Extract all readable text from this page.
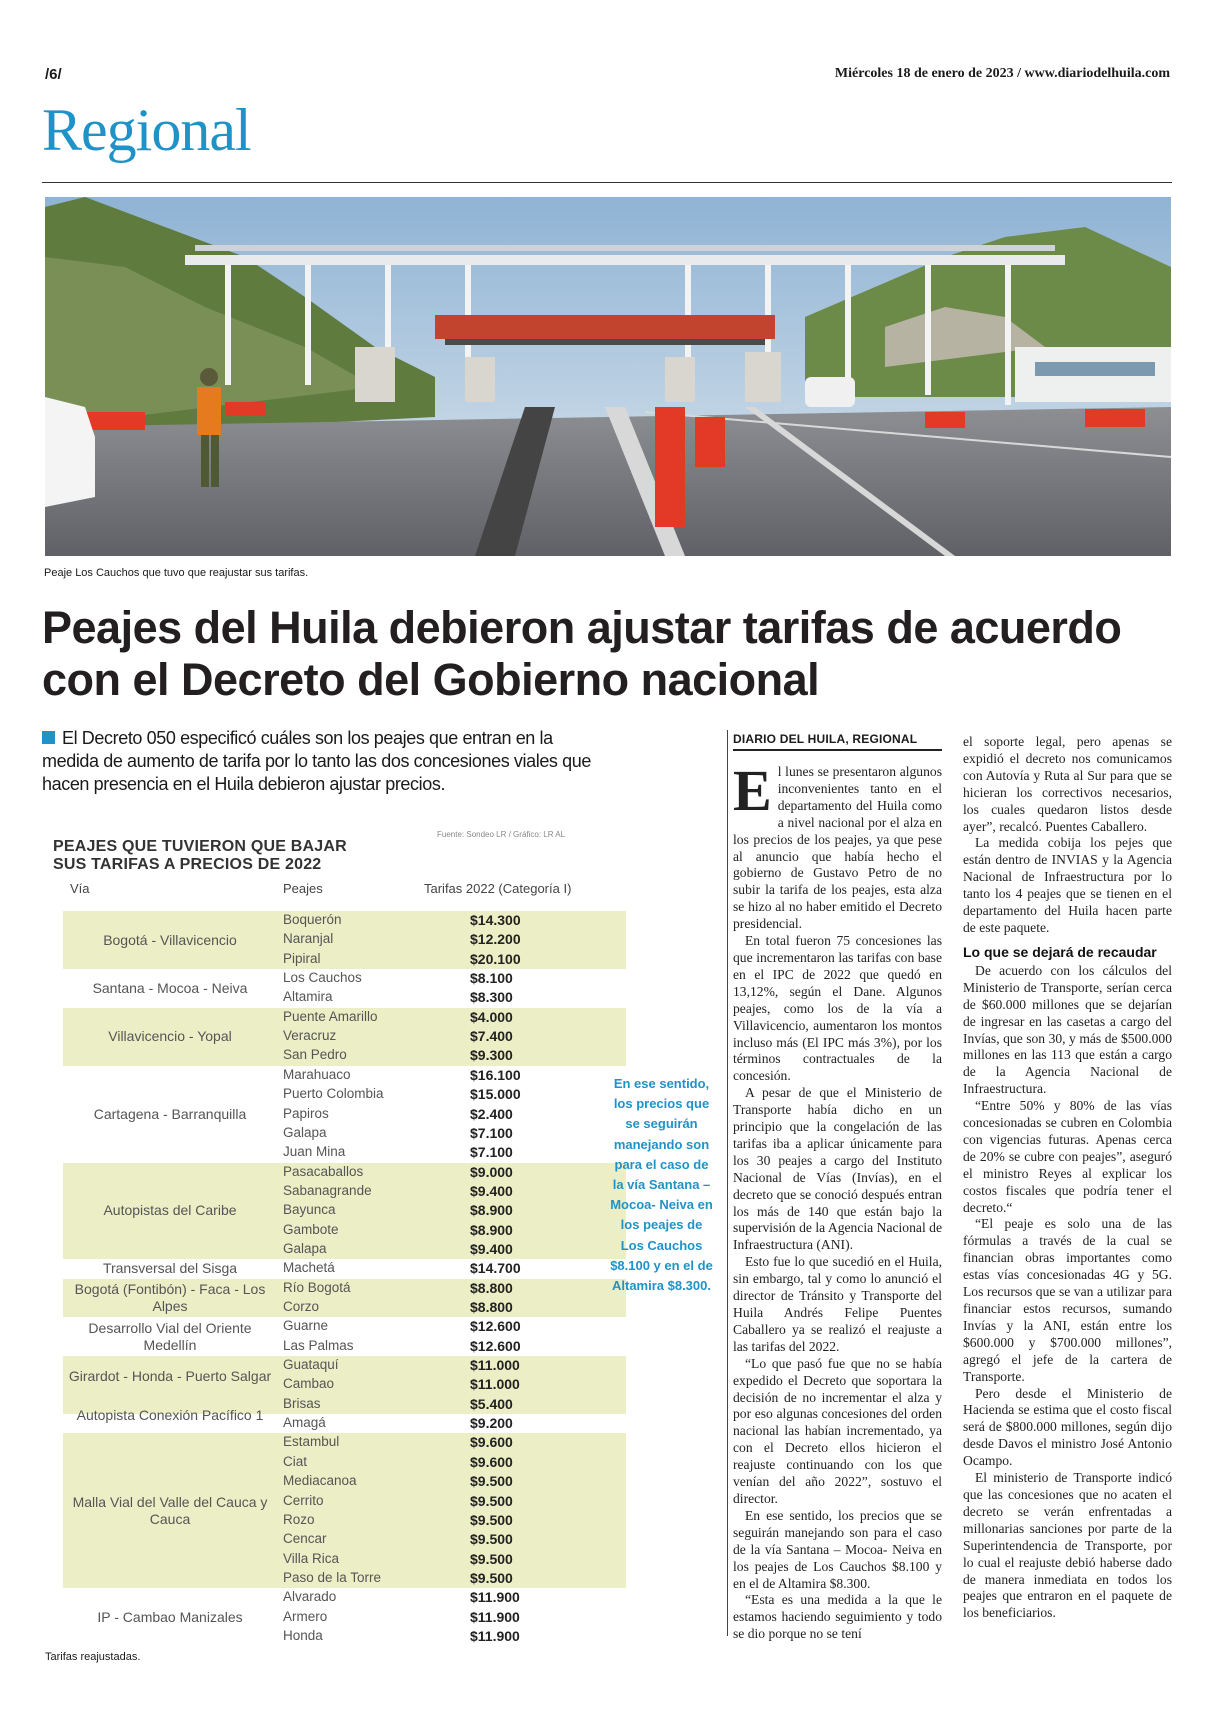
/6/	Miércoles 18 de enero de 2023 / www.diariodelhuila.com
Regional
Peaje Los Cauchos que tuvo que reajustar sus tarifas.
Peajes del Huila debieron ajustar tarifas de acuerdo con el Decreto del Gobierno nacional
El Decreto 050 especificó cuáles son los peajes que entran en la medida de aumento de tarifa por lo tanto las dos concesiones viales que hacen presencia en el Huila debieron ajustar precios.
PEAJES QUE TUVIERON QUE BAJAR
SUS TARIFAS A PRECIOS DE 2022
Fuente: Sondeo LR / Gráfico: LR AL
Vía	Peajes	Tarifas 2022 (Categoría I)
Bogotá - Villavicencio
Boquerón	$14.300
Naranjal	$12.200
Pipiral	$20.100
Santana - Mocoa - Neiva
Los Cauchos	$8.100
Altamira	$8.300
Villavicencio - Yopal
Puente Amarillo	$4.000
Veracruz	$7.400
San Pedro	$9.300
Cartagena - Barranquilla
Marahuaco	$16.100
Puerto Colombia	$15.000
Papiros	$2.400
Galapa	$7.100
Juan Mina	$7.100
Autopistas del Caribe
Pasacaballos	$9.000
Sabanagrande	$9.400
Bayunca	$8.900
Gambote	$8.900
Galapa	$9.400
Transversal del Sisga	Machetá	$14.700
Bogotá (Fontibón) - Faca - Los Alpes
Río Bogotá	$8.800
Corzo	$8.800
Desarrollo Vial del Oriente Medellín
Guarne	$12.600
Las Palmas	$12.600
Girardot - Honda - Puerto Salgar
Guataquí	$11.000
Cambao	$11.000
Brisas	$5.400
Autopista Conexión Pacífico 1	Amagá	$9.200
Malla Vial del Valle del Cauca y Cauca
Estambul	$9.600
Ciat	$9.600
Mediacanoa	$9.500
Cerrito	$9.500
Rozo	$9.500
Cencar	$9.500
Villa Rica	$9.500
Paso de la Torre	$9.500
IP - Cambao Manizales
Alvarado	$11.900
Armero	$11.900
Honda	$11.900
Tarifas reajustadas.
En ese sentido, los precios que se seguirán manejando son para el caso de la vía Santana – Mocoa- Neiva en los peajes de Los Cauchos $8.100 y en el de Altamira $8.300.
DIARIO DEL HUILA, REGIONAL
E l lunes se presentaron algunos inconvenientes tanto en el departamento del Huila como a nivel nacional por el alza en los precios de los peajes, ya que pese al anuncio que había hecho el gobierno de Gustavo Petro de no subir la tarifa de los peajes, esta alza se hizo al no haber emitido el Decreto presidencial.

En total fueron 75 concesiones las que incrementaron las tarifas con base en el IPC de 2022 que quedó en 13,12%, según el Dane. Algunos peajes, como los de la vía a Villavicencio, aumentaron los montos incluso más (El IPC más 3%), por los términos contractuales de la concesión.

A pesar de que el Ministerio de Transporte había dicho en un principio que la congelación de las tarifas iba a aplicar únicamente para los 30 peajes a cargo del Instituto Nacional de Vías (Invías), en el decreto que se conoció después entran los más de 140 que están bajo la supervisión de la Agencia Nacional de Infraestructura (ANI).

Esto fue lo que sucedió en el Huila, sin embargo, tal y como lo anunció el director de Tránsito y Transporte del Huila Andrés Felipe Puentes Caballero ya se realizó el reajuste a las tarifas del 2022.

“Lo que pasó fue que no se había expedido el Decreto que soportara la decisión de no incrementar el alza y por eso algunas concesiones del orden nacional las habían incrementado, ya con el Decreto ellos hicieron el reajuste continuando con los que venían del año 2022”, sostuvo el director.

En ese sentido, los precios que se seguirán manejando son para el caso de la vía Santana – Mocoa- Neiva en los peajes de Los Cauchos $8.100 y en el de Altamira $8.300.

“Esta es una medida a la que le estamos haciendo seguimiento y todo se dio porque no se tení

el soporte legal, pero apenas se expidió el decreto nos comunicamos con Autovía y Ruta al Sur para que se hicieran los correctivos necesarios, los cuales quedaron listos desde ayer”, recalcó. Puentes Caballero.

La medida cobija los pejes que están dentro de INVIAS y la Agencia Nacional de Infraestructura por lo tanto los 4 peajes que se tienen en el departamento del Huila hacen parte de este paquete.

Lo que se dejará de recaudar

De acuerdo con los cálculos del Ministerio de Transporte, serían cerca de $60.000 millones que se dejarían de ingresar en las casetas a cargo del Invías, que son 30, y más de $500.000 millones en las 113 que están a cargo de la Agencia Nacional de Infraestructura.

“Entre 50% y 80% de las vías concesionadas se cubren en Colombia con vigencias futuras. Apenas cerca de 20% se cubre con peajes”, aseguró el ministro Reyes al explicar los costos fiscales que podría tener el decreto.“

“El peaje es solo una de las fórmulas a través de la cual se financian obras importantes como estas vías concesionadas 4G y 5G. Los recursos que se van a utilizar para financiar estos recursos, sumando Invías y la ANI, están entre los $600.000 y $700.000 millones”, agregó el jefe de la cartera de Transporte.

Pero desde el Ministerio de Hacienda se estima que el costo fiscal será de $800.000 millones, según dijo desde Davos el ministro José Antonio Ocampo.

El ministerio de Transporte indicó que las concesiones que no acaten el decreto se verán enfrentadas a millonarias sanciones por parte de la Superintendencia de Transporte, por lo cual el reajuste debió haberse dado de manera inmediata en todos los peajes que entraron en el paquete de los beneficiarios.
